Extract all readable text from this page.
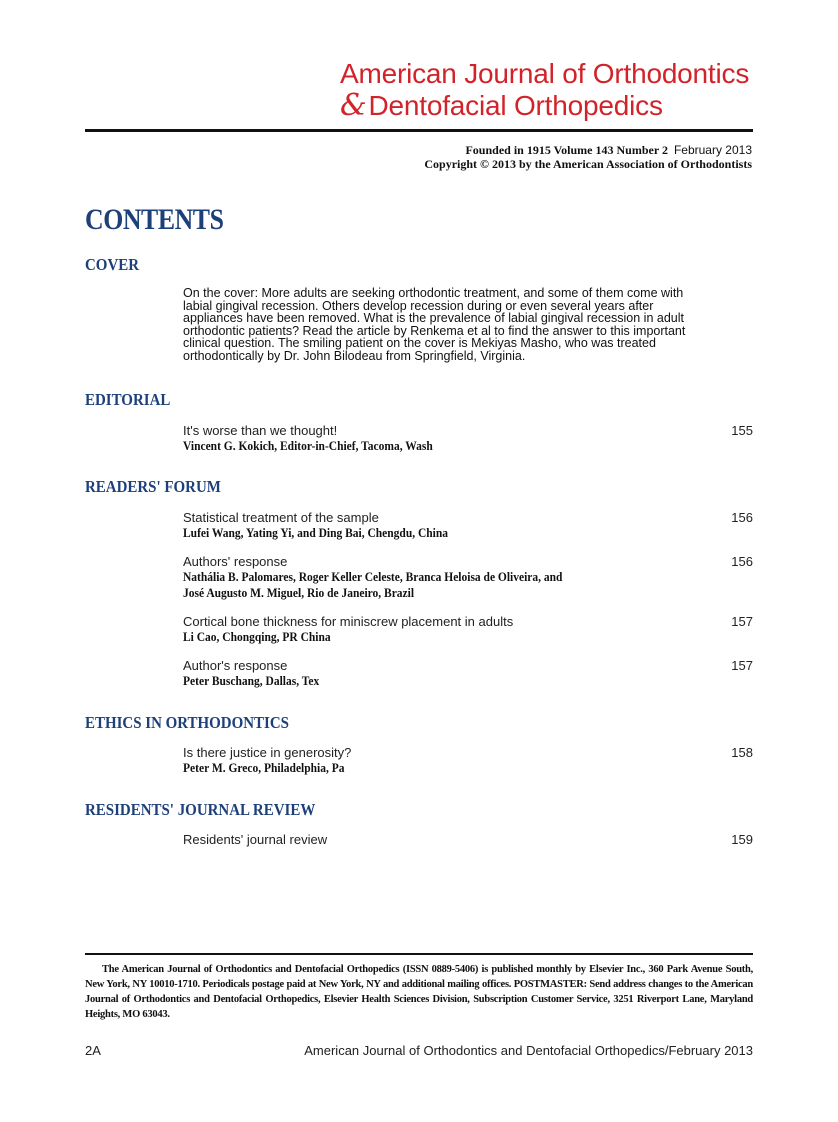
American Journal of Orthodontics
&Dentofacial Orthopedics
Founded in 1915 Volume 143 Number 2 February 2013
Copyright © 2013 by the American Association of Orthodontists
CONTENTS
COVER
On the cover: More adults are seeking orthodontic treatment, and some of them come with labial gingival recession. Others develop recession during or even several years after appliances have been removed. What is the prevalence of labial gingival recession in adult orthodontic patients? Read the article by Renkema et al to find the answer to this important clinical question. The smiling patient on the cover is Mekiyas Masho, who was treated orthodontically by Dr. John Bilodeau from Springfield, Virginia.
EDITORIAL
It's worse than we thought!
Vincent G. Kokich, Editor-in-Chief, Tacoma, Wash
155
READERS' FORUM
Statistical treatment of the sample
Lufei Wang, Yating Yi, and Ding Bai, Chengdu, China
156
Authors' response
Nathália B. Palomares, Roger Keller Celeste, Branca Heloisa de Oliveira, and
José Augusto M. Miguel, Rio de Janeiro, Brazil
156
Cortical bone thickness for miniscrew placement in adults
Li Cao, Chongqing, PR China
157
Author's response
Peter Buschang, Dallas, Tex
157
ETHICS IN ORTHODONTICS
Is there justice in generosity?
Peter M. Greco, Philadelphia, Pa
158
RESIDENTS' JOURNAL REVIEW
Residents' journal review	159
The American Journal of Orthodontics and Dentofacial Orthopedics (ISSN 0889-5406) is published monthly by Elsevier Inc., 360 Park Avenue South, New York, NY 10010-1710. Periodicals postage paid at New York, NY and additional mailing offices. POSTMASTER: Send address changes to the American Journal of Orthodontics and Dentofacial Orthopedics, Elsevier Health Sciences Division, Subscription Customer Service, 3251 Riverport Lane, Maryland Heights, MO 63043.
2A	American Journal of Orthodontics and Dentofacial Orthopedics/February 2013
